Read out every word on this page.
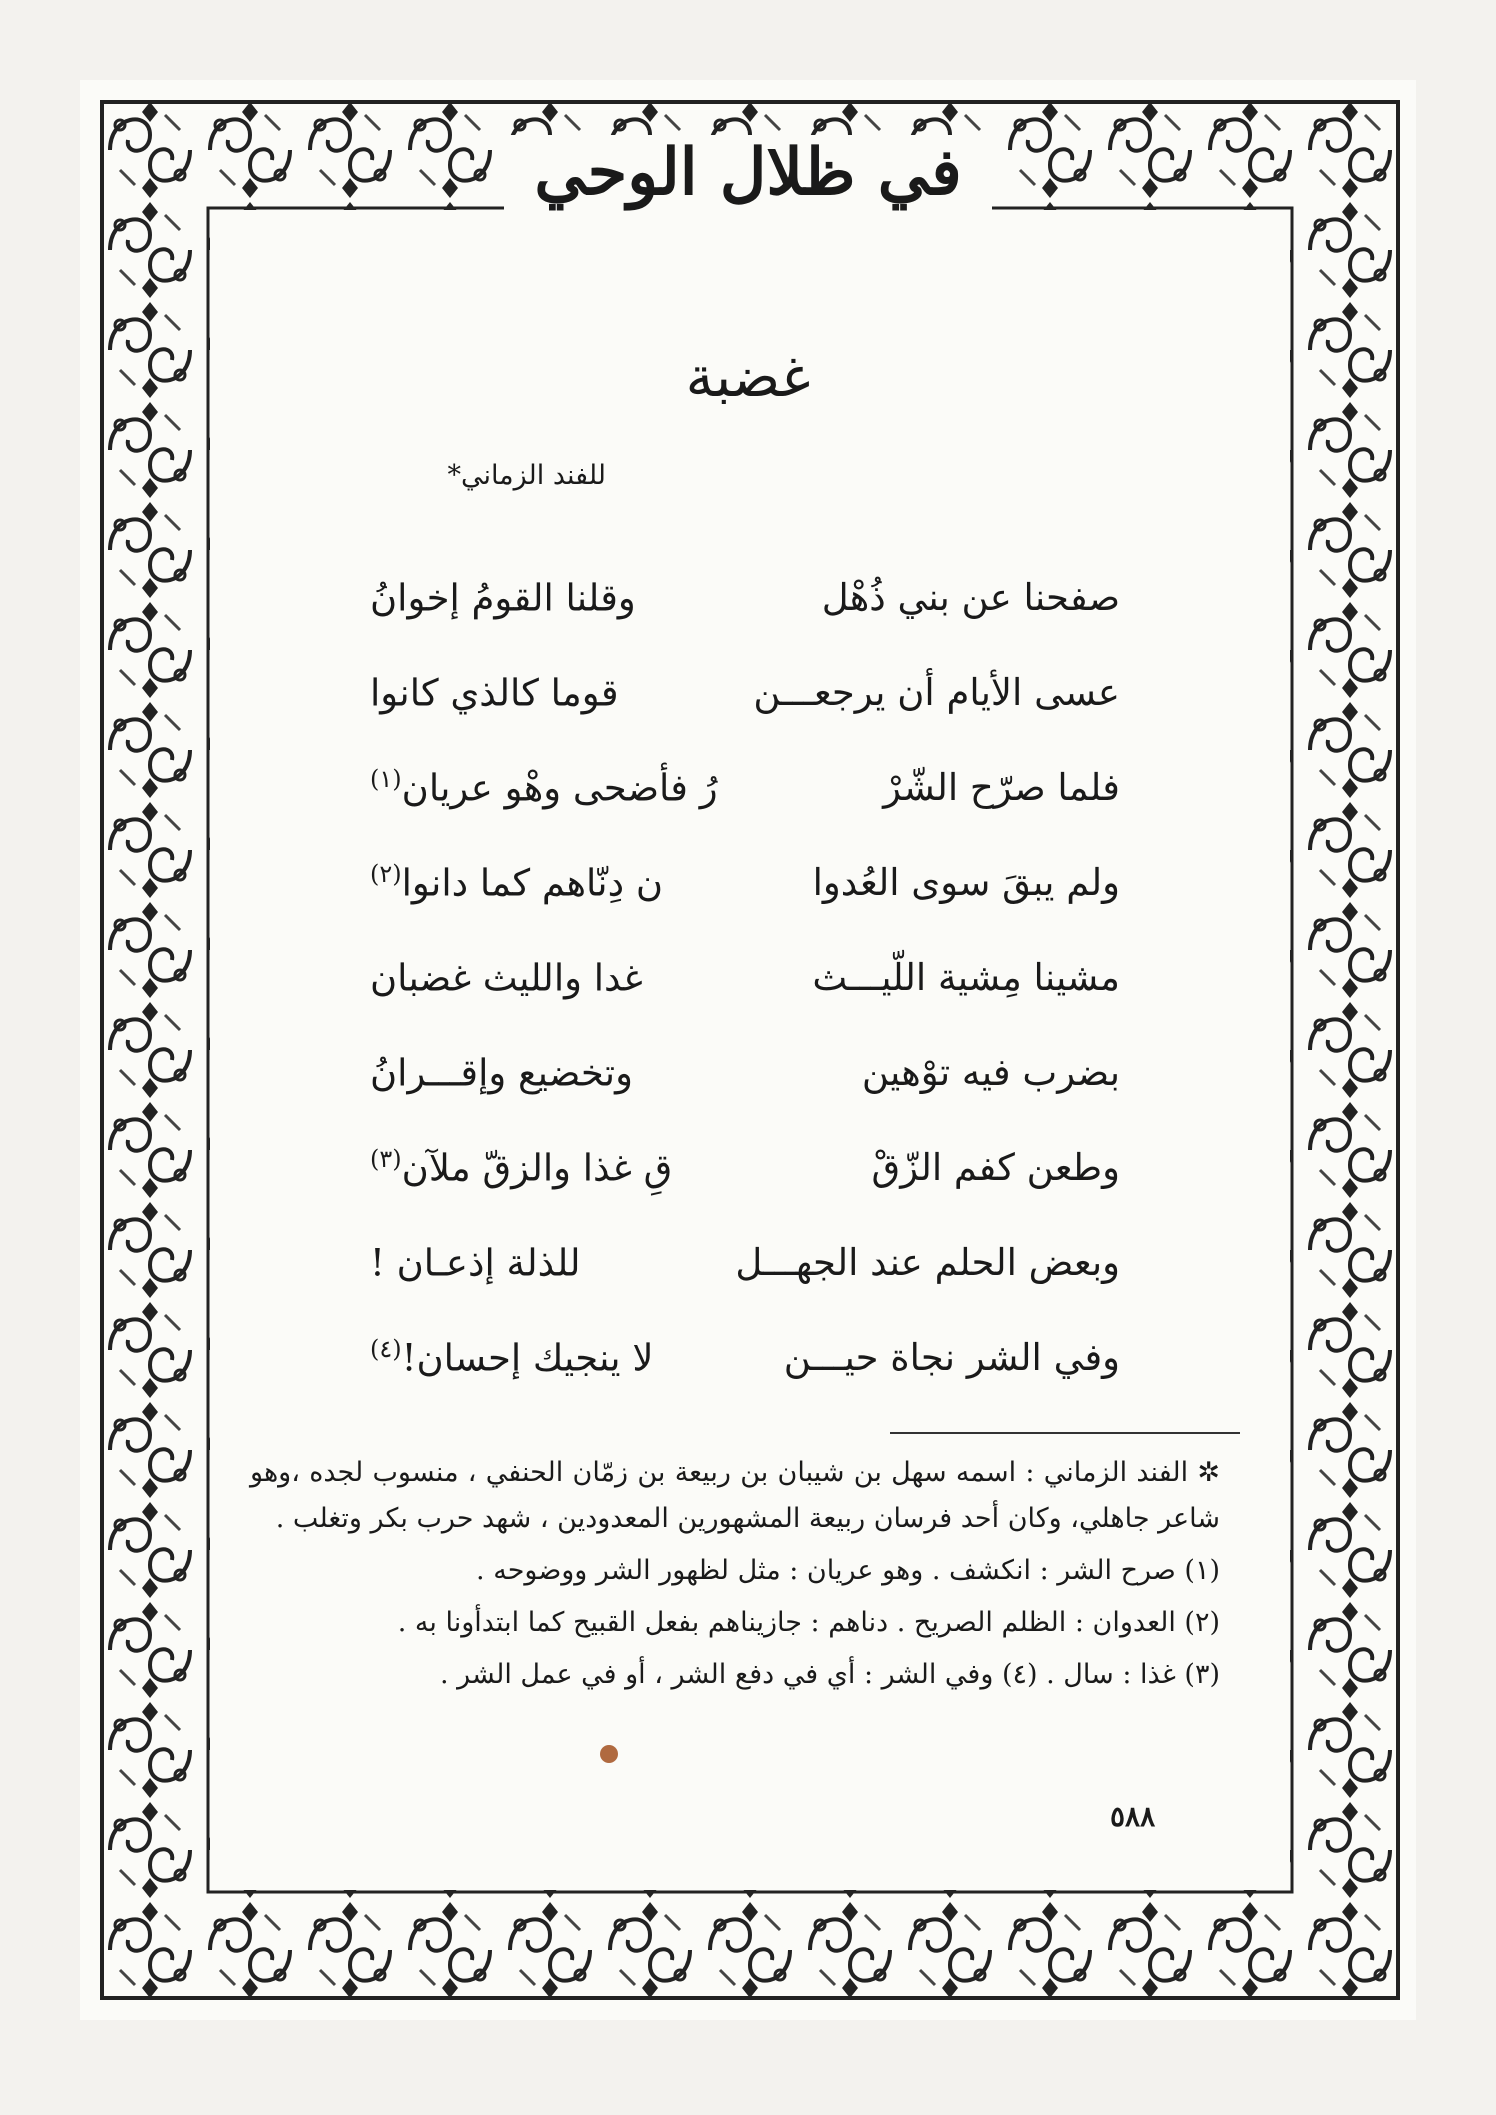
في ظلال الوحي
غضبة
للفند الزماني*
صفحنا عن بني ذُهْل
وقلنا القومُ إخوانُ
عسى الأيام أن يرجعـــن
قوما كالذي كانوا
فلما صرّح الشّرْ
رُ فأضحى وهْو عريان$^{(١)}$
ولم يبقَ سوى العُدوا
ن دِنّاهم كما دانوا$^{(٢)}$
مشينا مِشية اللّيـــث
غدا والليث غضبان
بضرب فيه توْهين
وتخضيع وإقـــرانُ
وطعن كفم الزّقْ
قِ غذا والزقّ ملآن$^{(٣)}$
وبعض الحلم عند الجهـــل
للذلة إذعـان !
وفي الشر نجاة حيـــن
لا ينجيك إحسان!$^{(٤)}$

✲ الفند الزماني : اسمه سهل بن شيبان بن ربيعة بن زمّان الحنفي ، منسوب لجده ،وهو شاعر جاهلي، وكان أحد فرسان ربيعة المشهورين المعدودين ، شهد حرب بكر وتغلب .

(١) صرح الشر : انكشف . وهو عريان : مثل لظهور الشر ووضوحه .

(٢) العدوان : الظلم الصريح . دناهم : جازيناهم بفعل القبيح كما ابتدأونا به .

(٣) غذا : سال . (٤) وفي الشر : أي في دفع الشر ، أو في عمل الشر .

٥٨٨
